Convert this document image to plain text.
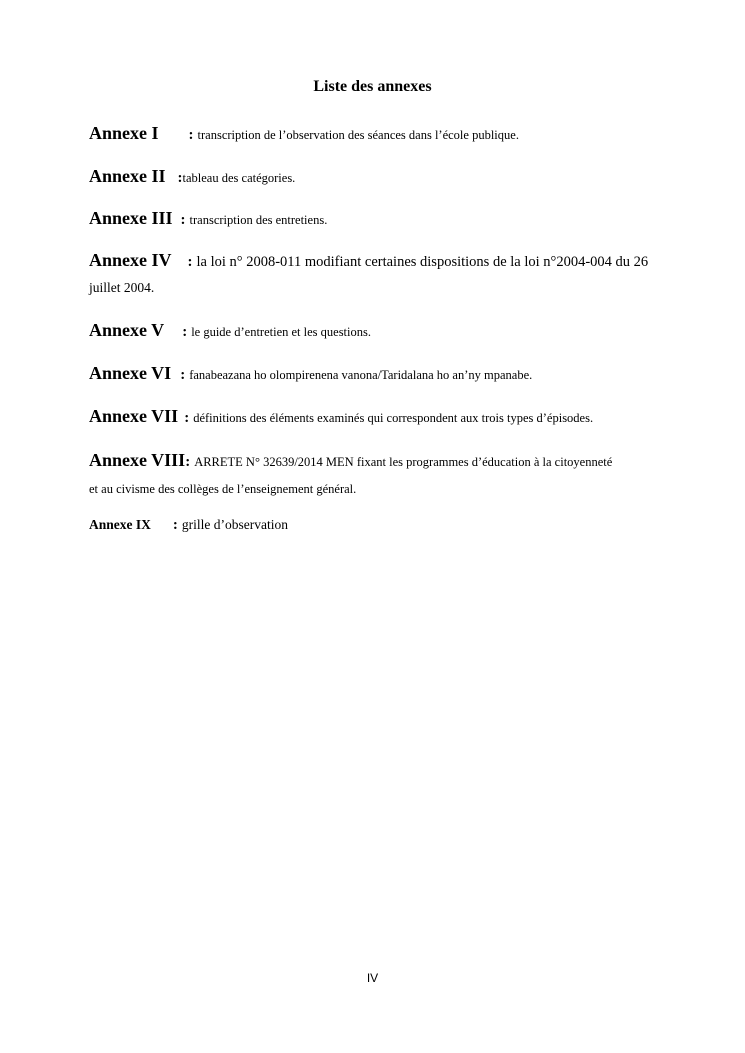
Liste des annexes
Annexe I : transcription de l’observation des séances dans l’école publique.
Annexe II :tableau des catégories.
Annexe III : transcription des entretiens.
Annexe IV : la loi n° 2008-011 modifiant certaines dispositions de la loi n°2004-004 du 26
juillet 2004.
Annexe V : le guide d’entretien et les questions.
Annexe VI : fanabeazana ho olompirenena vanona/Taridalana ho an’ny mpanabe.
Annexe VII : définitions des éléments examinés qui correspondent aux trois types d’épisodes.
Annexe VIII: ARRETE N° 32639/2014 MEN fixant les programmes d’éducation à la citoyenneté
et au civisme des collèges de l’enseignement général.
Annexe IX : grille d’observation
IV
